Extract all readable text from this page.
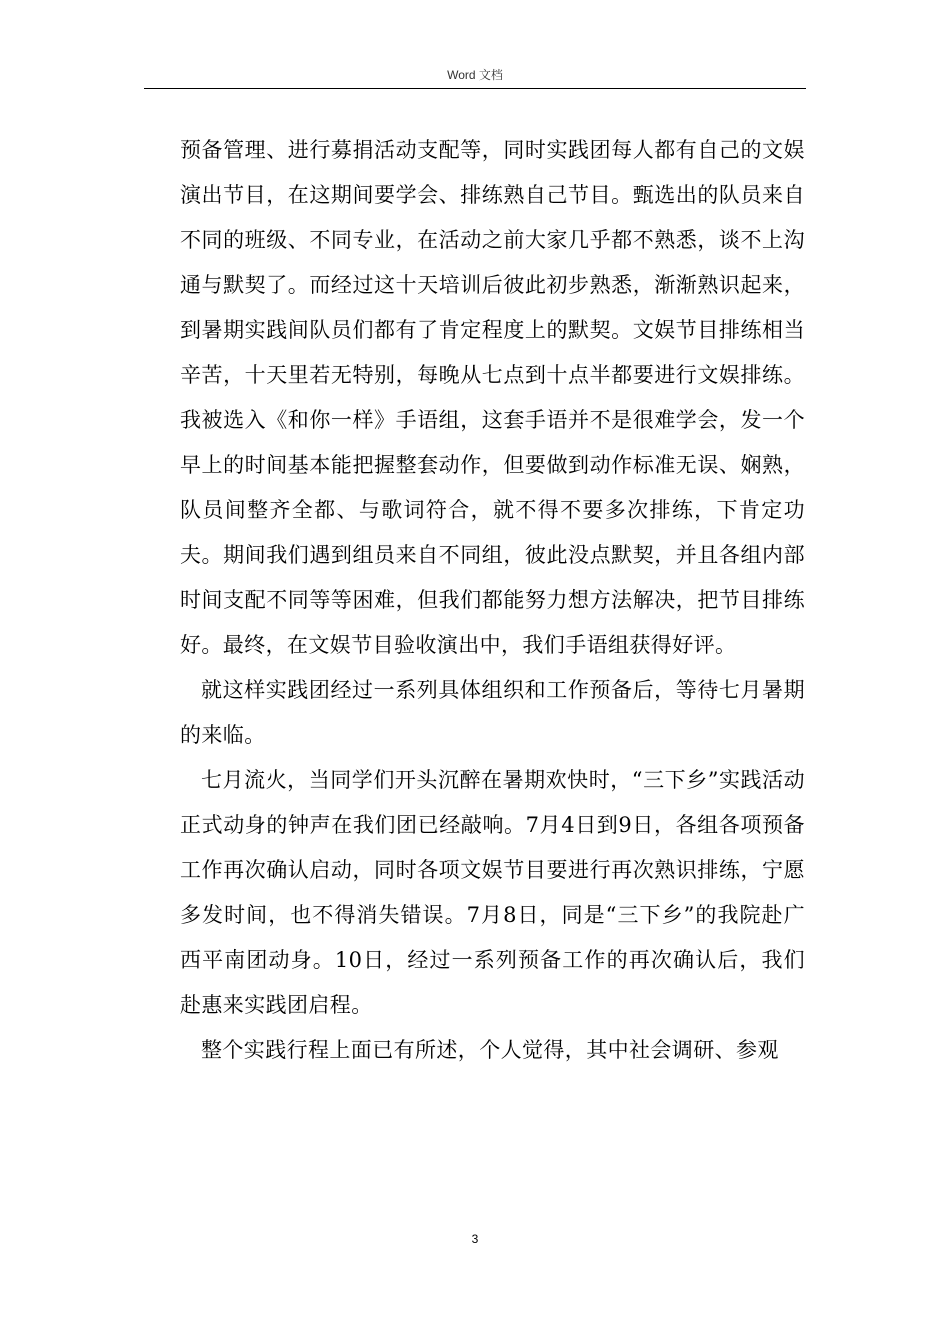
Word 文档

预备管理、进行募捐活动支配等，同时实践团每人都有自己的文娱演出节目，在这期间要学会、排练熟自己节目。甄选出的队员来自不同的班级、不同专业，在活动之前大家几乎都不熟悉，谈不上沟通与默契了。而经过这十天培训后彼此初步熟悉，渐渐熟识起来，到暑期实践间队员们都有了肯定程度上的默契。文娱节目排练相当辛苦，十天里若无特别，每晚从七点到十点半都要进行文娱排练。我被选入《和你一样》手语组，这套手语并不是很难学会，发一个早上的时间基本能把握整套动作，但要做到动作标准无误、娴熟，队员间整齐全都、与歌词符合，就不得不要多次排练，下肯定功夫。期间我们遇到组员来自不同组，彼此没点默契，并且各组内部时间支配不同等等困难，但我们都能努力想方法解决，把节目排练好。最终，在文娱节目验收演出中，我们手语组获得好评。

就这样实践团经过一系列具体组织和工作预备后，等待七月暑期的来临。

七月流火，当同学们开头沉醉在暑期欢快时，“三下乡”实践活动正式动身的钟声在我们团已经敲响。7月4日到9日，各组各项预备工作再次确认启动，同时各项文娱节目要进行再次熟识排练，宁愿多发时间，也不得消失错误。7月8日，同是“三下乡”的我院赴广西平南团动身。10日，经过一系列预备工作的再次确认后，我们赴惠来实践团启程。

整个实践行程上面已有所述，个人觉得，其中社会调研、参观

3
